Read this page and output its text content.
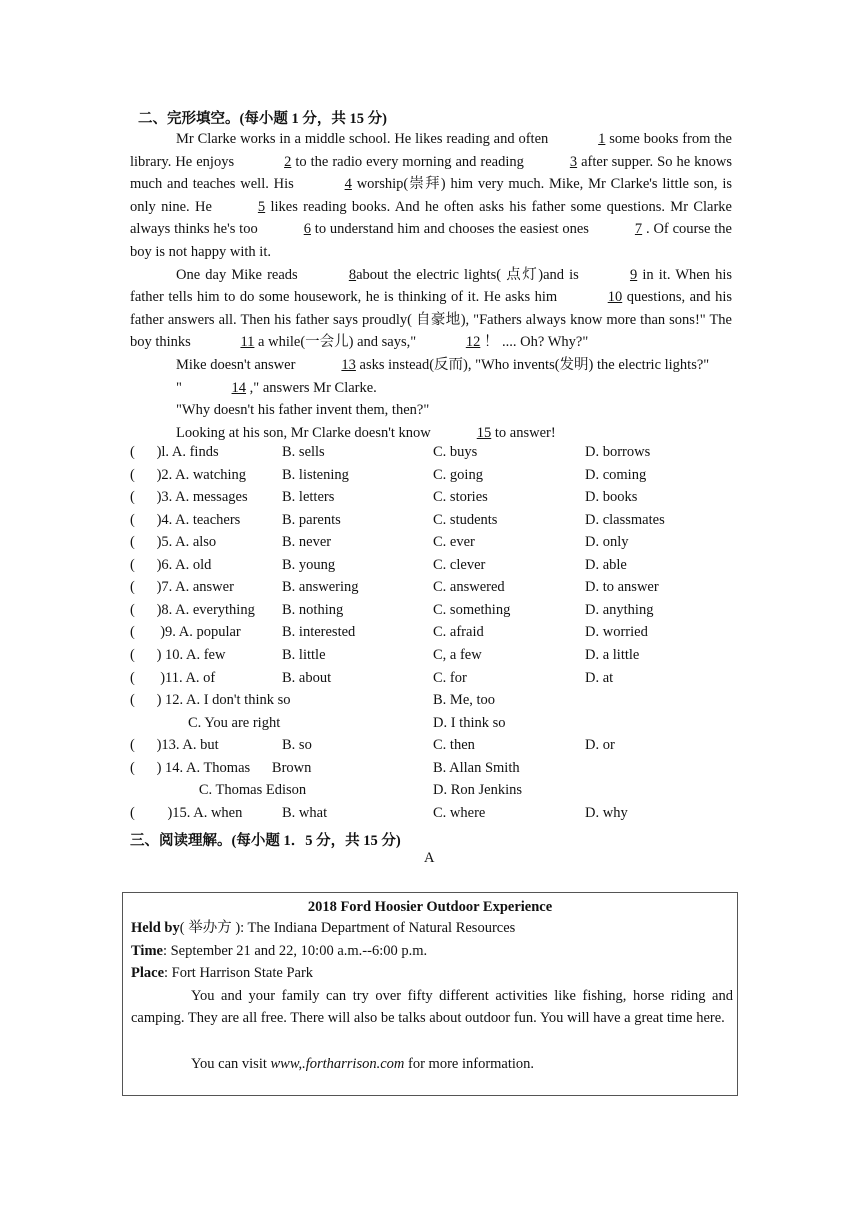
二、完形填空。(每小题 1 分，共 15 分)

Mr Clarke works in a middle school. He likes reading and often	1 some books from the library. He enjoys	2 to the radio every morning and reading	3 after supper. So he knows much and teaches well. His	4 worship(崇拜) him very much. Mike, Mr Clarke's little son, is only nine. He	5 likes reading books. And he often asks his father some questions. Mr Clarke always thinks he's too	6 to understand him and chooses the easiest ones	7 . Of course the boy is not happy with it.

One day Mike reads	8about the electric lights( 点灯)and is	9 in it. When his father tells him to do some housework, he is thinking of it. He asks him	10 questions, and his father answers all. Then his father says proudly( 自豪地), "Fathers always know more than sons!" The boy thinks	11 a while(一会儿) and says,"	12 ！ .... Oh? Why?"

Mike doesn't answer	13 asks instead(反而), "Who invents(发明) the electric lights?"

"	14 ," answers Mr Clarke.

"Why doesn't his father invent them, then?"

Looking at his son, Mr Clarke doesn't know	15 to answer!

(      )l. A. finds	B. sells	C. buys	D. borrows
(      )2. A. watching B. listening	C. going	D. coming
(      )3. A. messages B. letters	C. stories	D. books
(      )4. A. teachers	B. parents	C. students	D. classmates
(      )5. A. also	B. never	C. ever	D. only
(      )6. A. old	B. young	C. clever	D. able
(      )7. A. answer	B. answering	C. answered	D. to answer
(      )8. A. everything B. nothing	C. something	D. anything
(       )9. A. popular	B. interested	C. afraid	D. worried
(      ) 10. A. few	B. little	C, a few	D. a little
(       )11. A. of	B. about	C. for	D. at
(      ) 12. A. I don't think so	B. Me, too
C. You are right	D. I think so
(      )13. A. but	B. so	C. then	D. or
(      ) 14. A. Thomas      Brown	B. Allan Smith
C. Thomas Edison	D. Ron Jenkins
(         )15. A. when	B. what	C. where	D. why
三、阅读理解。(每小题 1．5 分，共 15 分)
A
2018 Ford Hoosier Outdoor Experience
Held by( 举办方 ): The Indiana Department of Natural Resources
Time: September 21 and 22, 10:00 a.m.--6:00 p.m.
Place: Fort Harrison State Park
You and your family can try over fifty different activities like fishing, horse riding and camping. They are all free. There will also be talks about outdoor fun. You will have a great time here.
You can visit www,.fortharrison.com for more information.
